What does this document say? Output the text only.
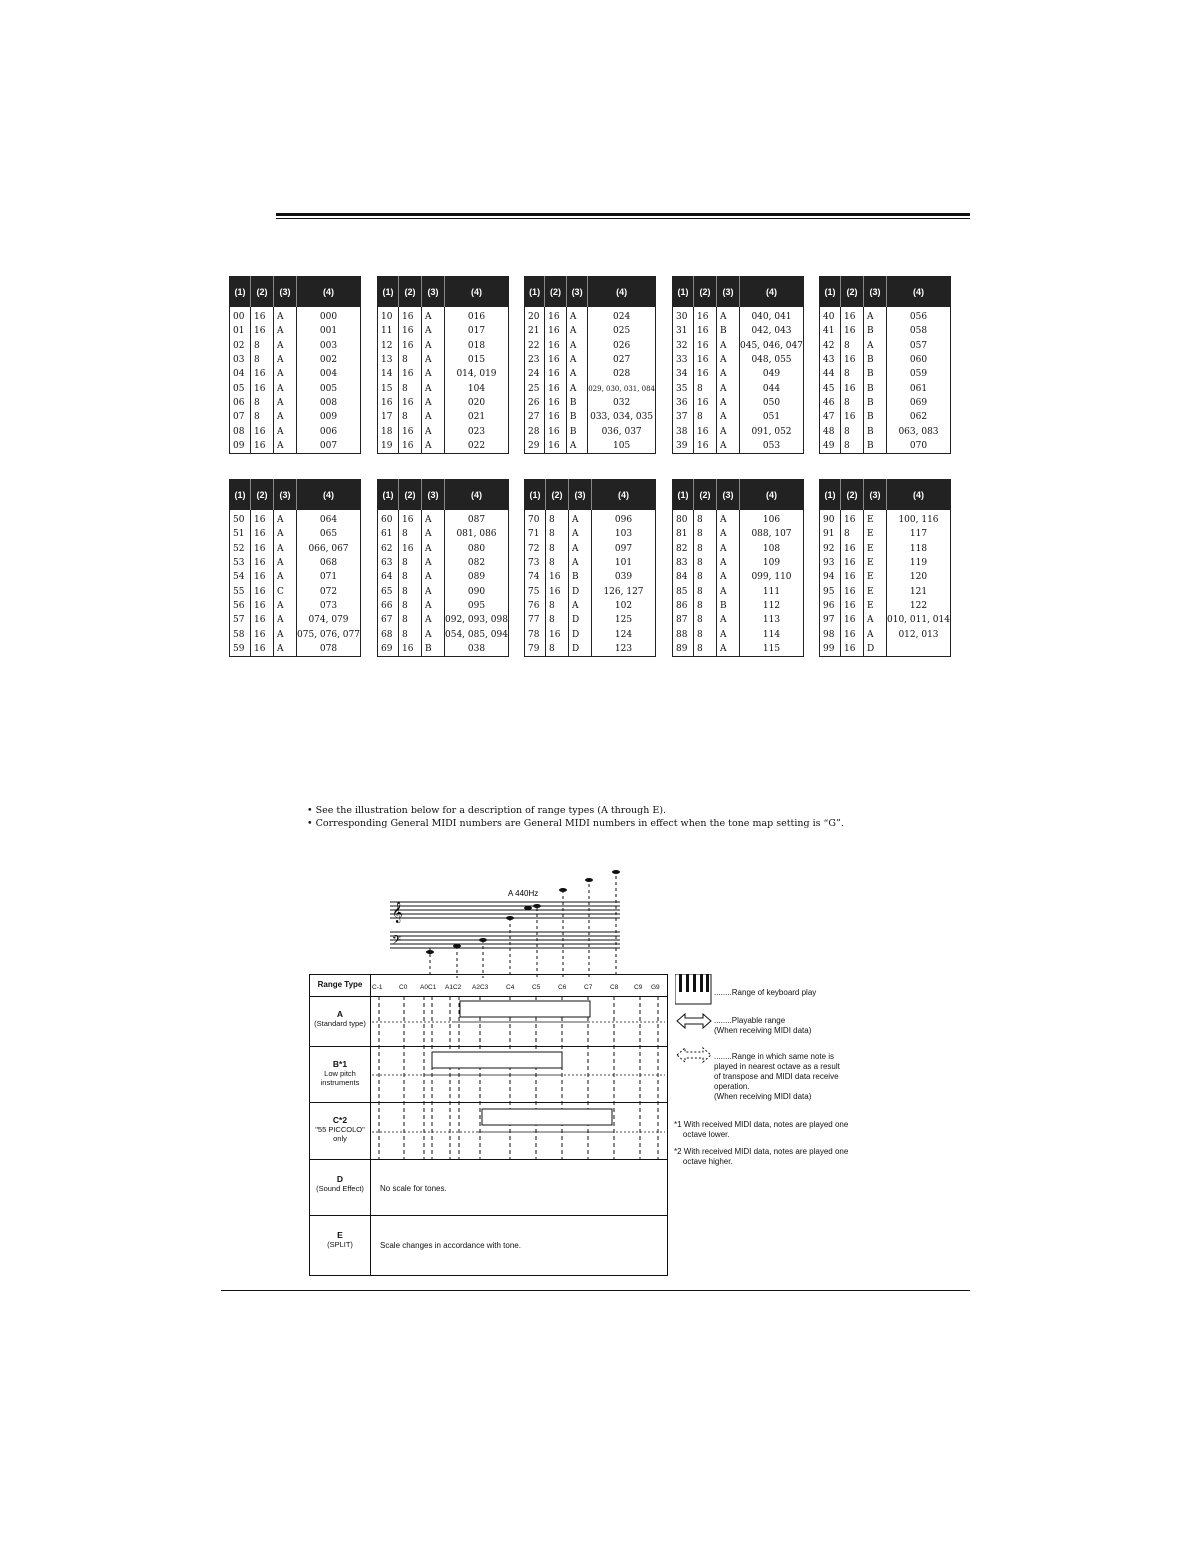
(1)	(2)	(3)	(4)
00	16	A	000
01	16	A	001
02	8	A	003
03	8	A	002
04	16	A	004
05	16	A	005
06	8	A	008
07	8	A	009
08	16	A	006
09	16	A	007
(1)	(2)	(3)	(4)
10	16	A	016
11	16	A	017
12	16	A	018
13	8	A	015
14	16	A	014, 019
15	8	A	104
16	16	A	020
17	8	A	021
18	16	A	023
19	16	A	022
(1)	(2)	(3)	(4)
20	16	A	024
21	16	A	025
22	16	A	026
23	16	A	027
24	16	A	028
25	16	A	029, 030, 031, 084
26	16	B	032
27	16	B	033, 034, 035
28	16	B	036, 037
29	16	A	105
(1)	(2)	(3)	(4)
30	16	A	040, 041
31	16	B	042, 043
32	16	A	045, 046, 047
33	16	A	048, 055
34	16	A	049
35	8	A	044
36	16	A	050
37	8	A	051
38	16	A	091, 052
39	16	A	053
(1)	(2)	(3)	(4)
40	16	A	056
41	16	B	058
42	8	A	057
43	16	B	060
44	8	B	059
45	16	B	061
46	8	B	069
47	16	B	062
48	8	B	063, 083
49	8	B	070
(1)	(2)	(3)	(4)
50	16	A	064
51	16	A	065
52	16	A	066, 067
53	16	A	068
54	16	A	071
55	16	C	072
56	16	A	073
57	16	A	074, 079
58	16	A	075, 076, 077
59	16	A	078
(1)	(2)	(3)	(4)
60	16	A	087
61	8	A	081, 086
62	16	A	080
63	8	A	082
64	8	A	089
65	8	A	090
66	8	A	095
67	8	A	092, 093, 098
68	8	A	054, 085, 094
69	16	B	038
(1)	(2)	(3)	(4)
70	8	A	096
71	8	A	103
72	8	A	097
73	8	A	101
74	16	B	039
75	16	D	126, 127
76	8	A	102
77	8	D	125
78	16	D	124
79	8	D	123
(1)	(2)	(3)	(4)
80	8	A	106
81	8	A	088, 107
82	8	A	108
83	8	A	109
84	8	A	099, 110
85	8	A	111
86	8	B	112
87	8	A	113
88	8	A	114
89	8	A	115
(1)	(2)	(3)	(4)
90	16	E	100, 116
91	8	E	117
92	16	E	118
93	16	E	119
94	16	E	120
95	16	E	121
96	16	E	122
97	16	A	010, 011, 014
98	16	A	012, 013
99	16	D	
• See the illustration below for a description of range types (A through E).
• Corresponding General MIDI numbers are General MIDI numbers in effect when the tone map setting is “G”.
𝄞
𝄢
A 440Hz
Range Type
A
(Standard type)
B*1
Low pitch instruments
C*2
"55 PICCOLO" only
D
(Sound Effect)	No scale for tones.
E
(SPLIT)	Scale changes in accordance with tone.
C-1	C0 A0C1 A1C2 A2C3	C4	C5	C6	C7	C8 C9 G9
........Range of keyboard play
........Playable range
(When receiving MIDI data)
........Range in which same note is
played in nearest octave as a result
of transpose and MIDI data receive
operation.
(When receiving MIDI data)
*1 With received MIDI data, notes are played one
octave lower.
*2 With received MIDI data, notes are played one
octave higher.
